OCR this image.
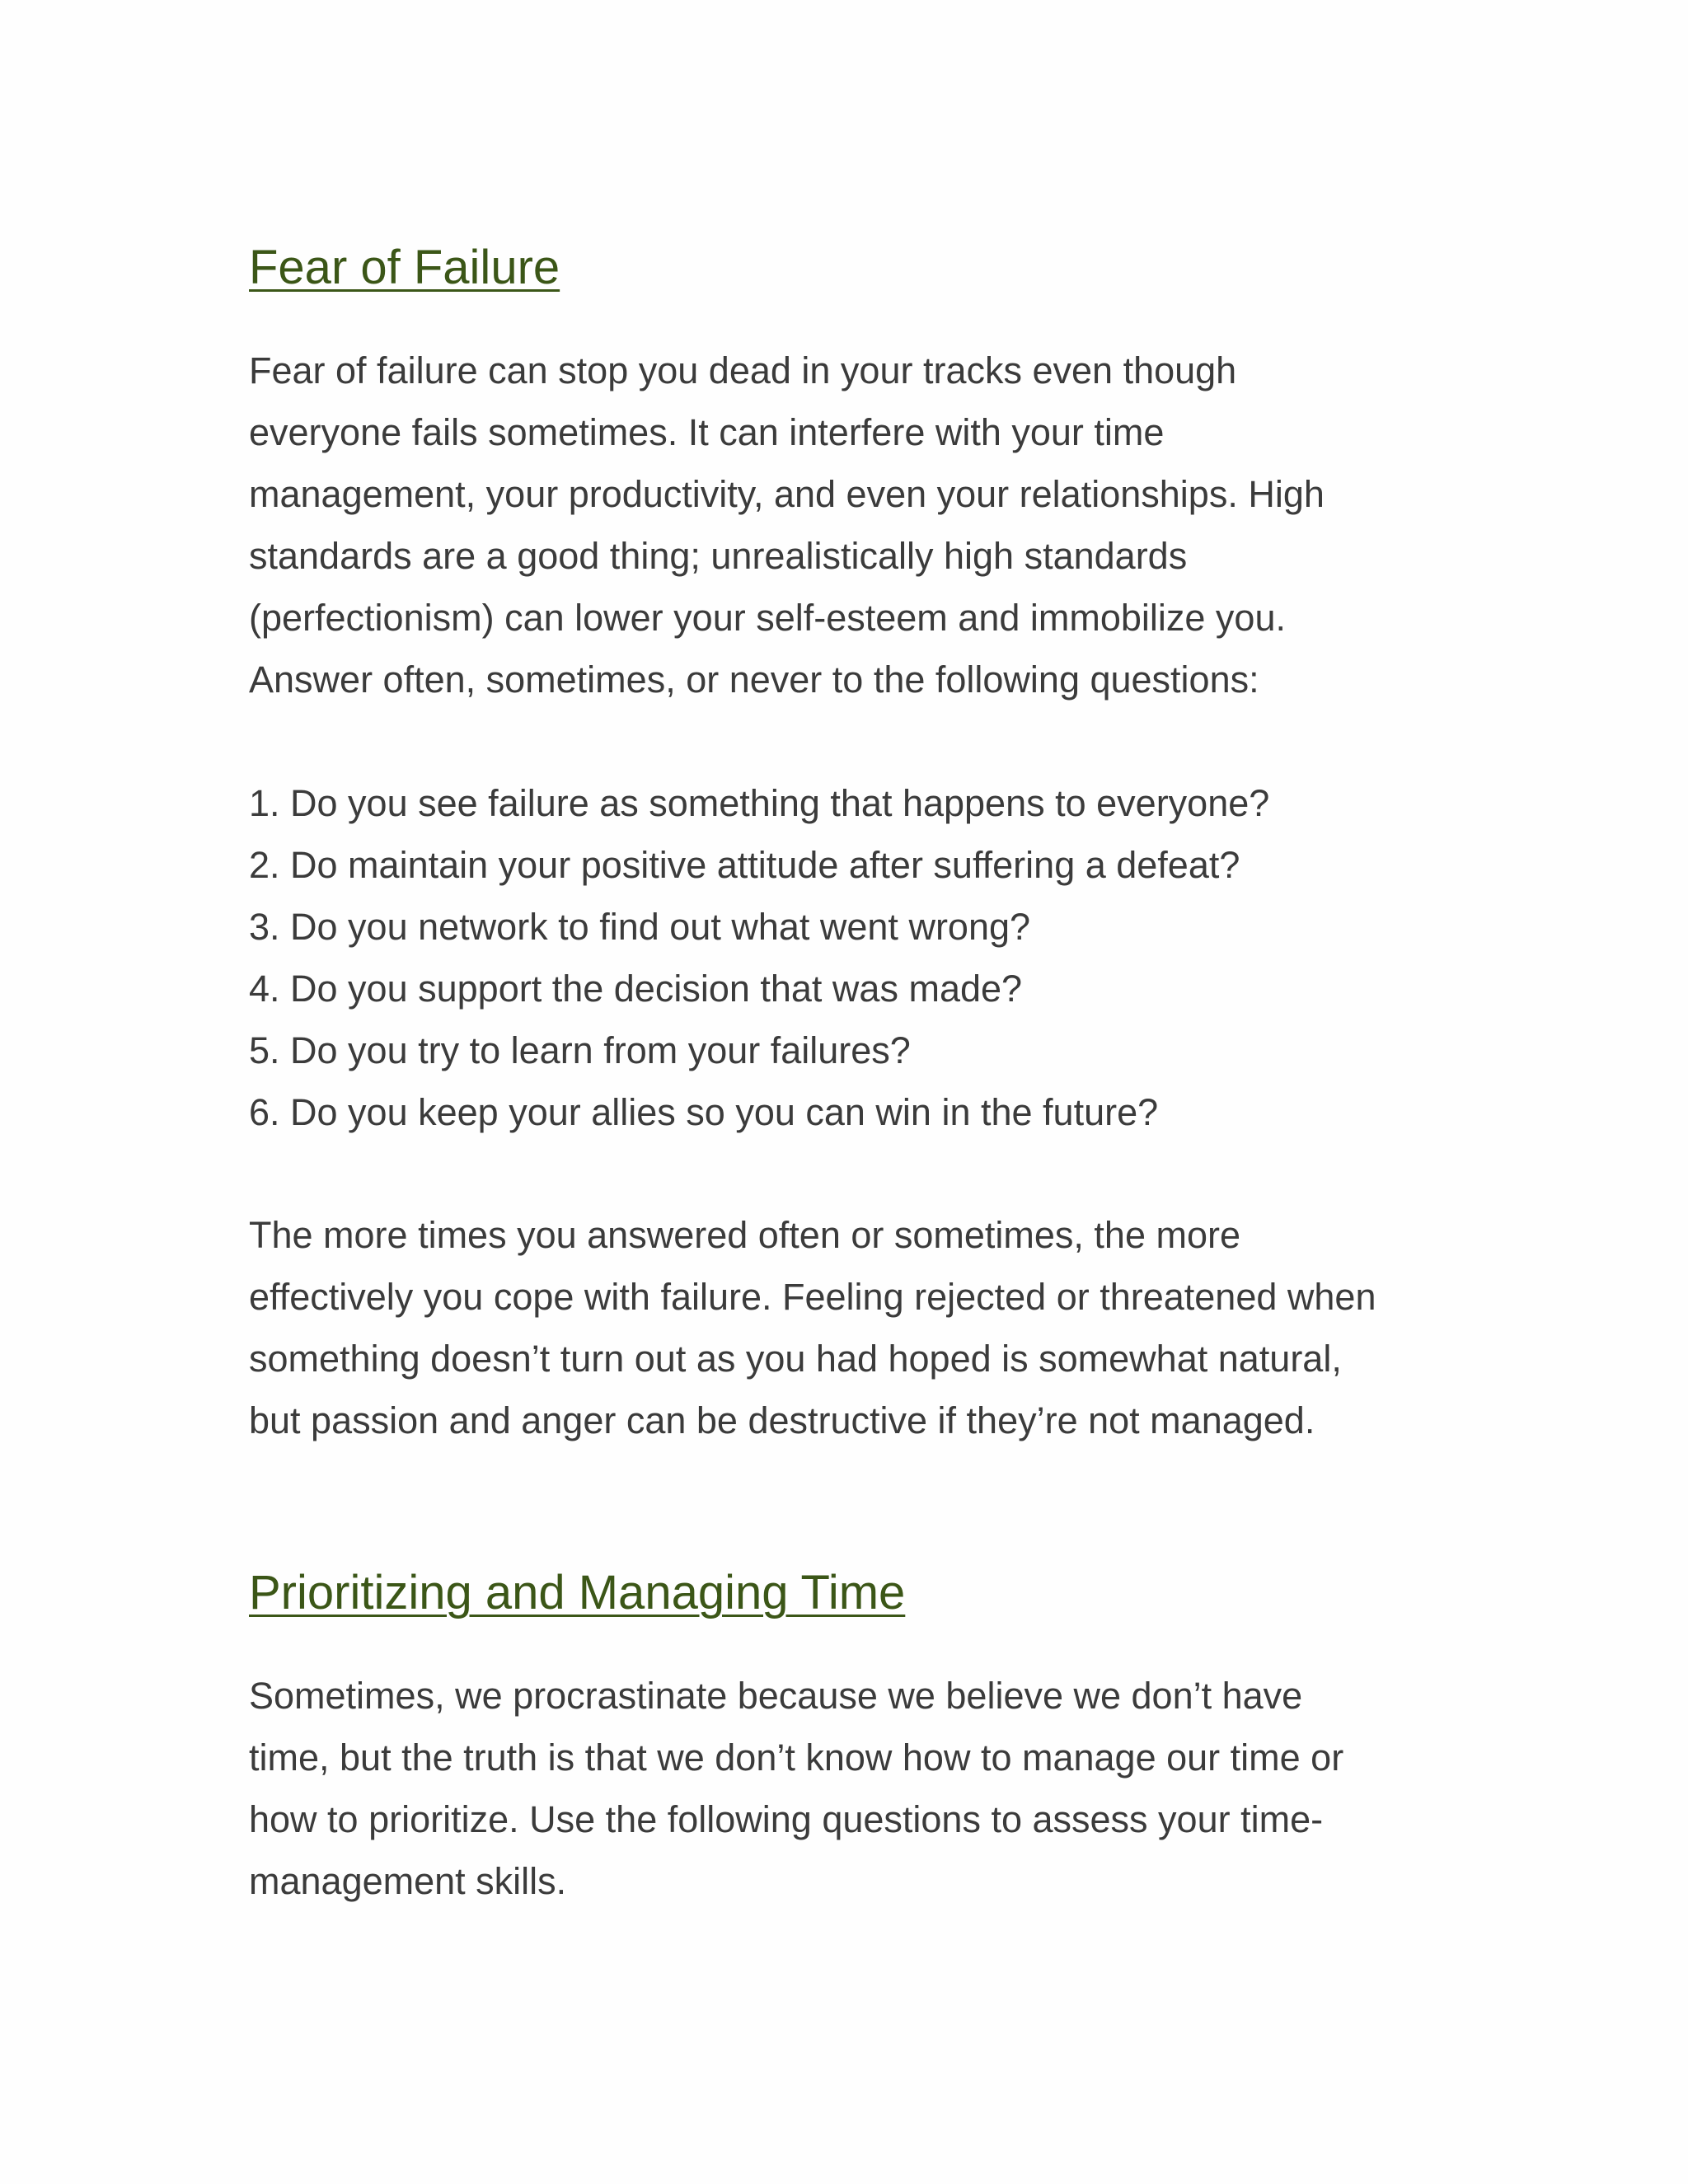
Fear of Failure
Fear of failure can stop you dead in your tracks even though
everyone fails sometimes. It can interfere with your time
management, your productivity, and even your relationships. High
standards are a good thing; unrealistically high standards
(perfectionism) can lower your self-esteem and immobilize you.
Answer often, sometimes, or never to the following questions:
1. Do you see failure as something that happens to everyone?
2. Do maintain your positive attitude after suffering a defeat?
3. Do you network to find out what went wrong?
4. Do you support the decision that was made?
5. Do you try to learn from your failures?
6. Do you keep your allies so you can win in the future?
The more times you answered often or sometimes, the more
effectively you cope with failure. Feeling rejected or threatened when
something doesn’t turn out as you had hoped is somewhat natural,
but passion and anger can be destructive if they’re not managed.
Prioritizing and Managing Time
Sometimes, we procrastinate because we believe we don’t have
time, but the truth is that we don’t know how to manage our time or
how to prioritize. Use the following questions to assess your time-
management skills.
